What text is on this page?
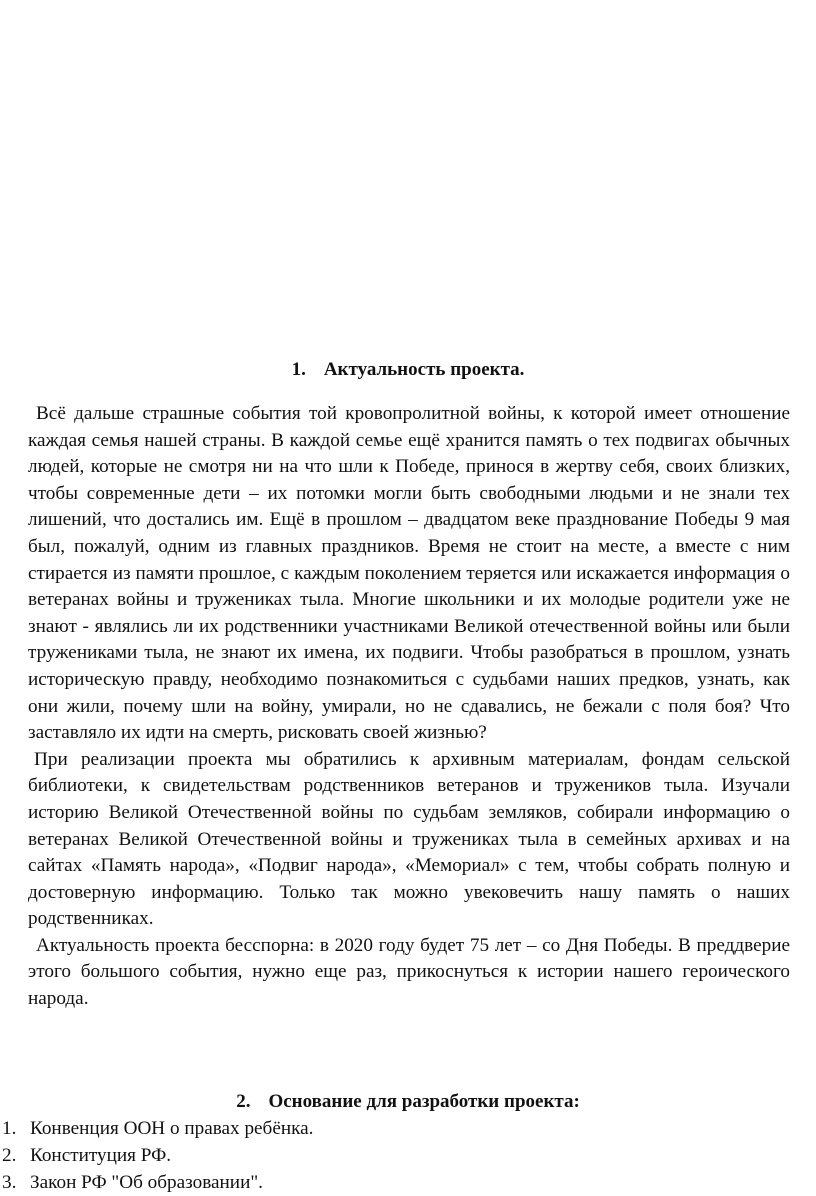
1. Актуальность проекта.

Всё дальше страшные события той кровопролитной войны, к которой имеет отношение каждая семья нашей страны. В каждой семье ещё хранится память о тех подвигах обычных людей, которые не смотря ни на что шли к Победе, принося в жертву себя, своих близких, чтобы современные дети – их потомки могли быть свободными людьми и не знали тех лишений, что достались им. Ещё в прошлом – двадцатом веке празднование Победы 9 мая был, пожалуй, одним из главных праздников. Время не стоит на месте, а вместе с ним стирается из памяти прошлое, с каждым поколением теряется или искажается информация о ветеранах войны и тружениках тыла. Многие школьники и их молодые родители уже не знают - являлись ли их родственники участниками Великой отечественной войны или были тружениками тыла, не знают их имена, их подвиги. Чтобы разобраться в прошлом, узнать историческую правду, необходимо познакомиться с судьбами наших предков, узнать, как они жили, почему шли на войну, умирали, но не сдавались, не бежали с поля боя? Что заставляло их идти на смерть, рисковать своей жизнью?

При реализации проекта мы обратились к архивным материалам, фондам сельской библиотеки, к свидетельствам родственников ветеранов и тружеников тыла. Изучали историю Великой Отечественной войны по судьбам земляков, собирали информацию о ветеранах Великой Отечественной войны и тружениках тыла в семейных архивах и на сайтах «Память народа», «Подвиг народа», «Мемориал» с тем, чтобы собрать полную и достоверную информацию. Только так можно увековечить нашу память о наших родственниках.

Актуальность проекта бесспорна: в 2020 году будет 75 лет – со Дня Победы. В преддверие этого большого события, нужно еще раз, прикоснуться к истории нашего героического народа.

2. Основание для разработки проекта:
1. Конвенция ООН о правах ребёнка.
2. Конституция РФ.
3. Закон РФ "Об образовании".
